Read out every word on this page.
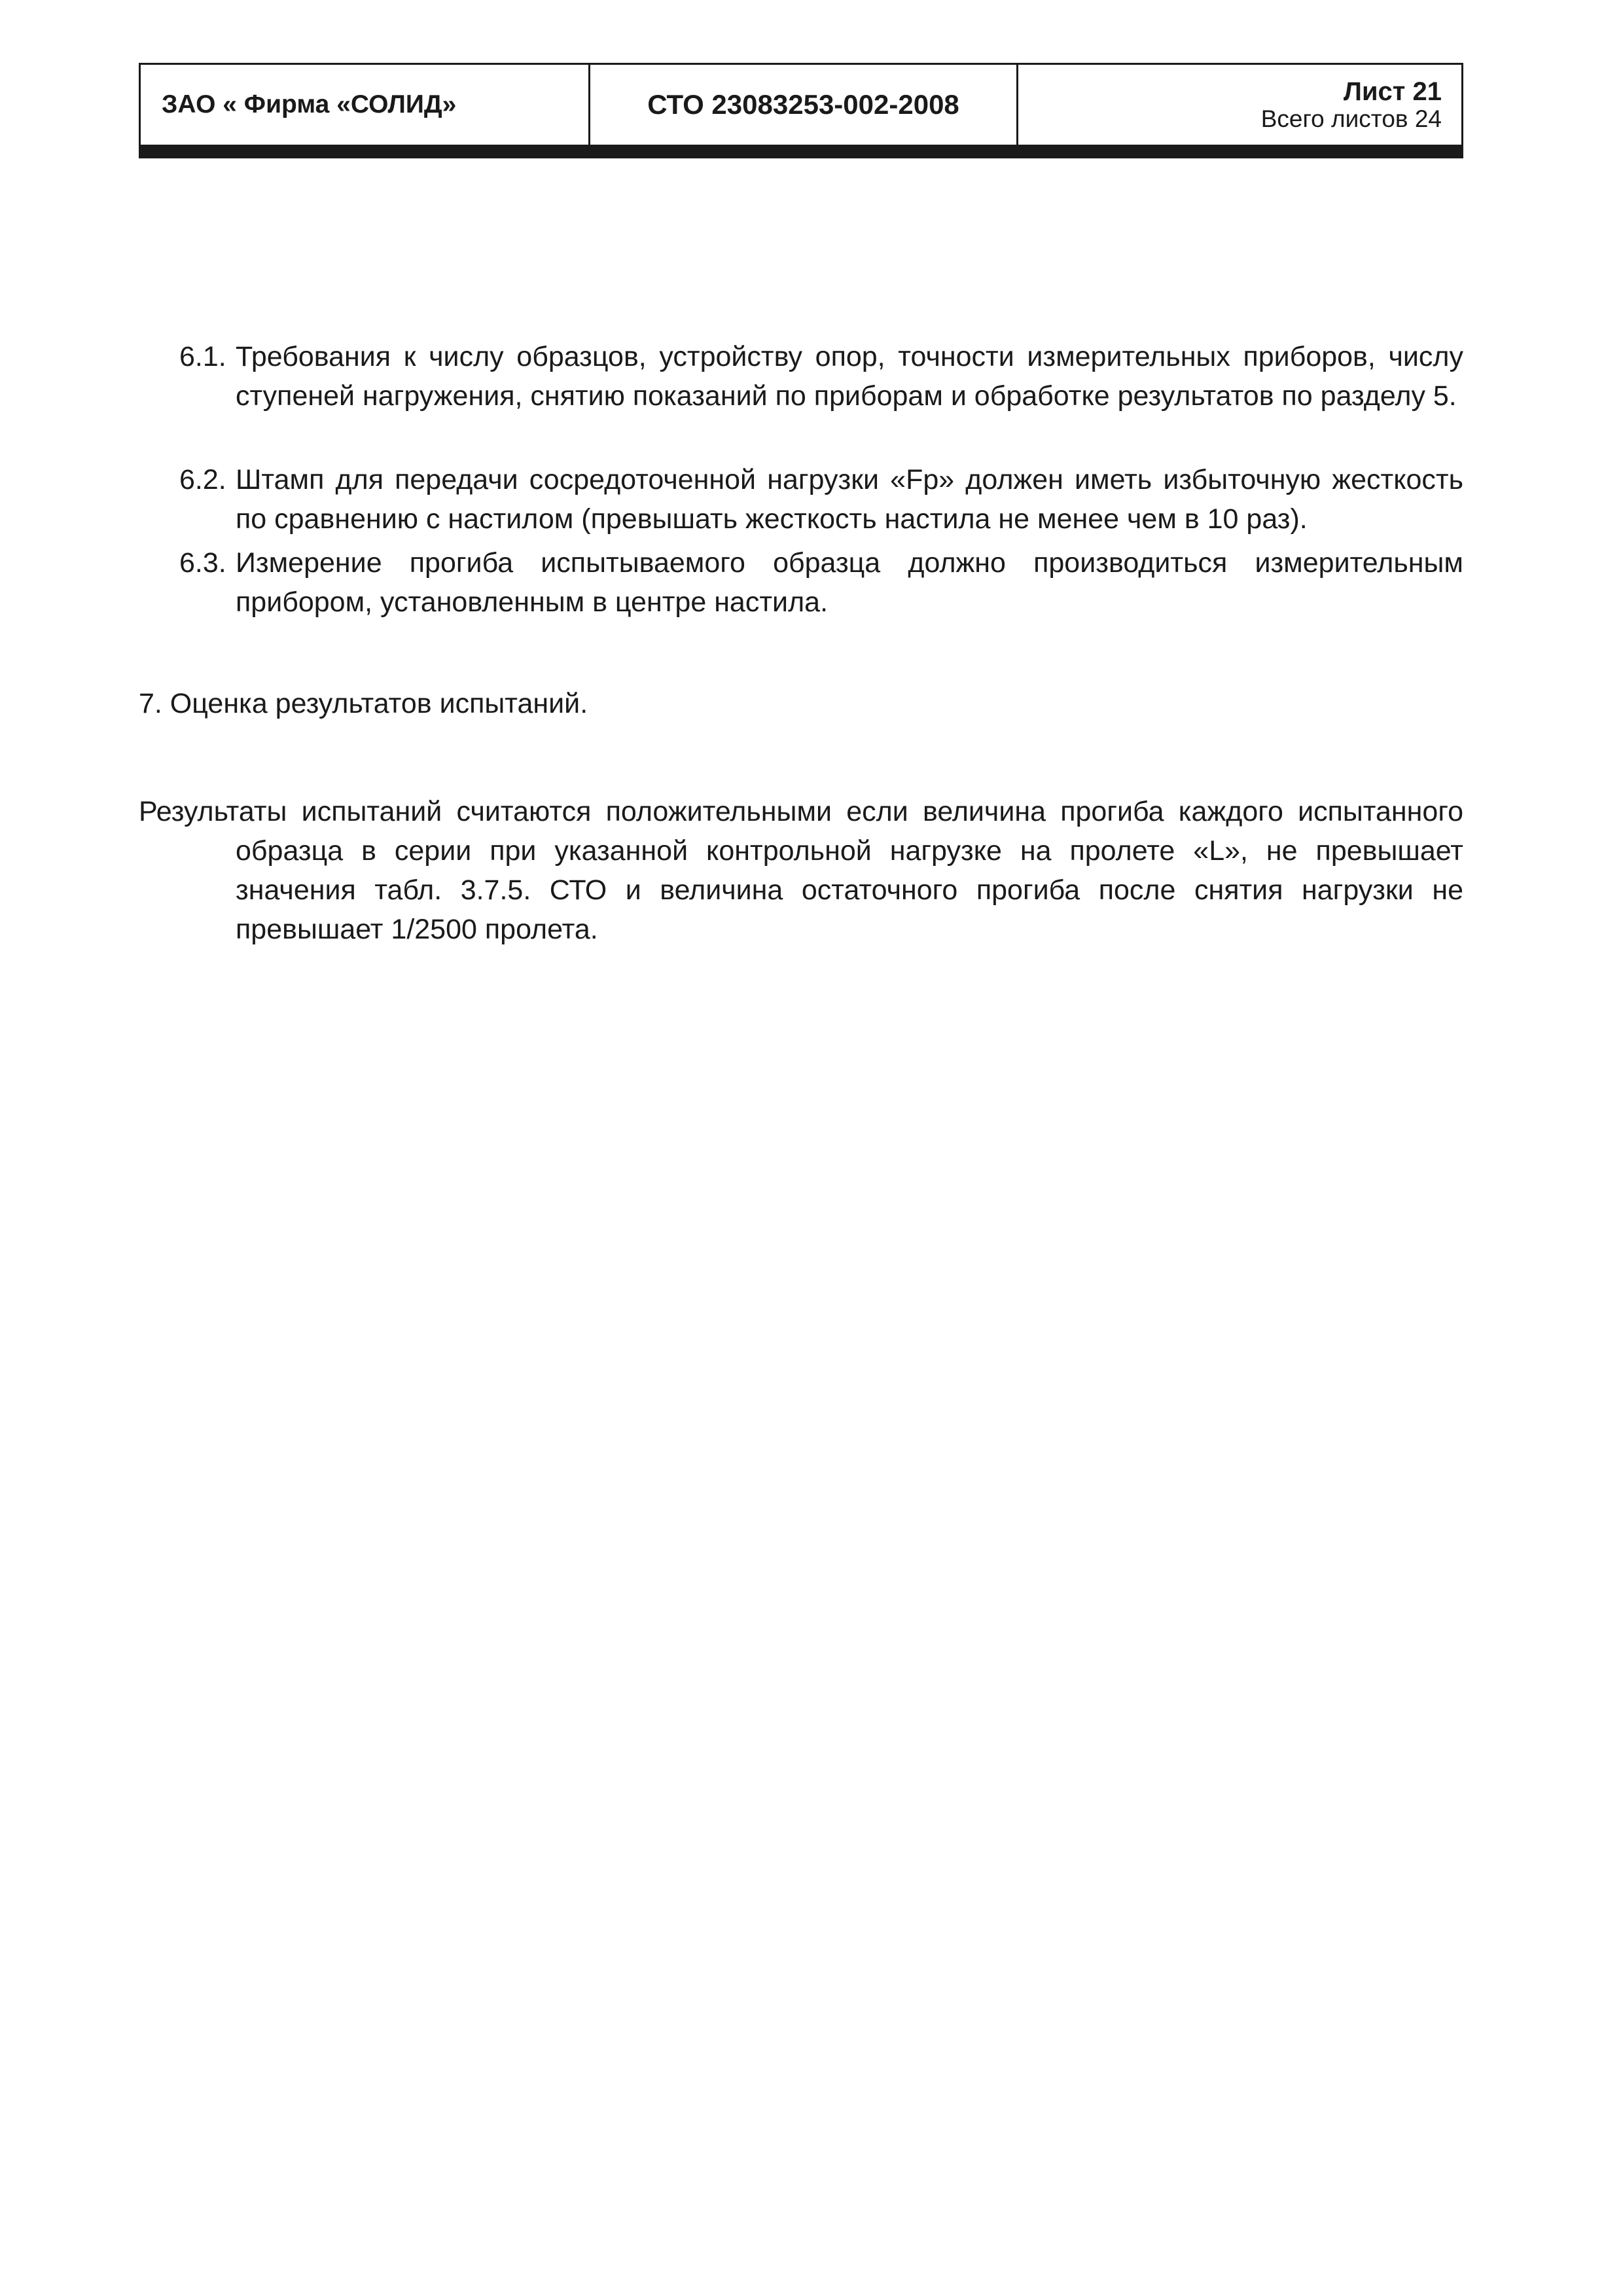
ЗАО « Фирма «СОЛИД»	СТО 23083253-002-2008	Лист 21
Всего листов 24
6.1. Требования к числу образцов, устройству опор, точности измерительных приборов, числу ступеней нагружения, снятию показаний по приборам и обработке результатов по разделу 5.
6.2. Штамп для передачи сосредоточенной нагрузки «Fp» должен иметь избыточную жесткость по сравнению с настилом (превышать жесткость настила не менее чем в 10 раз).
6.3. Измерение прогиба испытываемого образца должно производиться измерительным прибором, установленным в центре настила.
7. Оценка результатов испытаний.
Результаты испытаний считаются положительными если величина прогиба каждого испытанного образца в серии при указанной контрольной нагрузке на пролете «L», не превышает значения табл. 3.7.5. СТО и величина остаточного прогиба после снятия нагрузки не превышает 1/2500 пролета.
